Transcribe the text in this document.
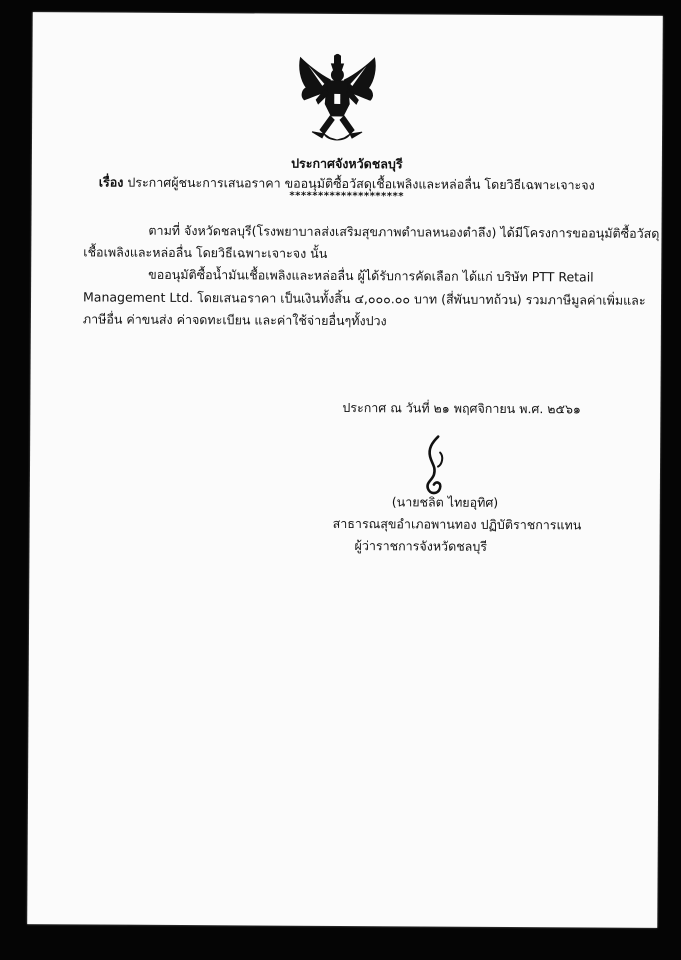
ประกาศจังหวัดชลบุรี
เรื่อง ประกาศผู้ชนะการเสนอราคา ขออนุมัติซื้อวัสดุเชื้อเพลิงและหล่อลื่น โดยวิธีเฉพาะเจาะจง
********************
ตามที่ จังหวัดชลบุรี(โรงพยาบาลส่งเสริมสุขภาพตำบลหนองตำลึง) ได้มีโครงการขออนุมัติซื้อวัสดุ
เชื้อเพลิงและหล่อลื่น โดยวิธีเฉพาะเจาะจง นั้น
ขออนุมัติซื้อน้ำมันเชื้อเพลิงและหล่อลื่น ผู้ได้รับการคัดเลือก ได้แก่ บริษัท PTT Retail
Management Ltd. โดยเสนอราคา เป็นเงินทั้งสิ้น ๔,๐๐๐.๐๐ บาท (สี่พันบาทถ้วน) รวมภาษีมูลค่าเพิ่มและ
ภาษีอื่น ค่าขนส่ง ค่าจดทะเบียน และค่าใช้จ่ายอื่นๆทั้งปวง
ประกาศ ณ วันที่ ๒๑ พฤศจิกายน พ.ศ. ๒๕๖๑
(นายชลิต ไทยอุทิศ)
สาธารณสุขอำเภอพานทอง ปฏิบัติราชการแทน
ผู้ว่าราชการจังหวัดชลบุรี
